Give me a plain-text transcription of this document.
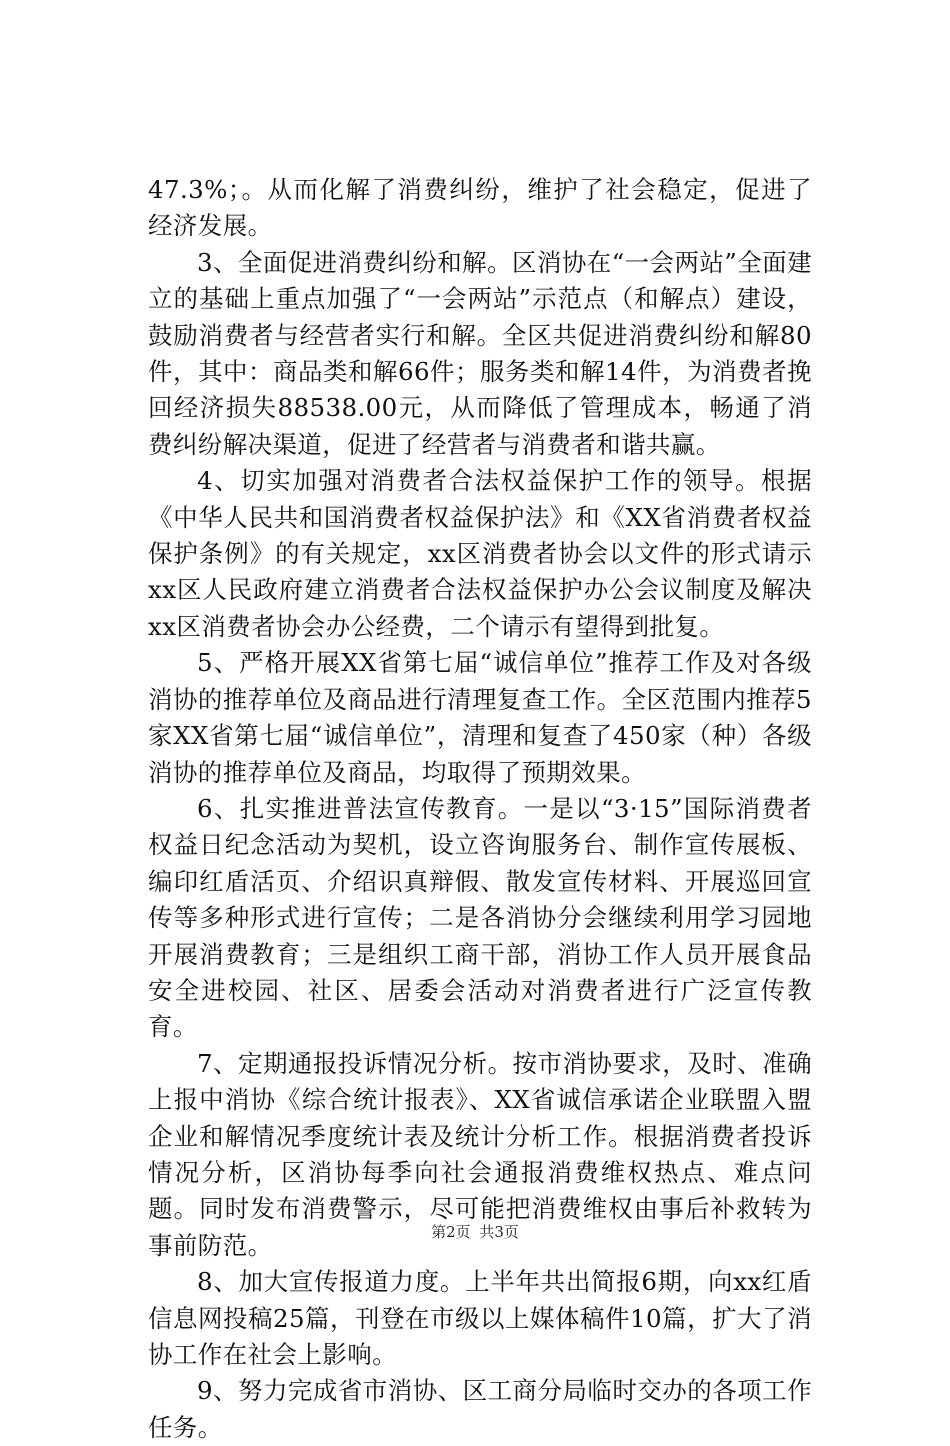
47.3%；。从而化解了消费纠纷，维护了社会稳定，促进了经济发展。

3、全面促进消费纠纷和解。区消协在“一会两站”全面建立的基础上重点加强了“一会两站”示范点（和解点）建设，鼓励消费者与经营者实行和解。全区共促进消费纠纷和解80件，其中：商品类和解66件；服务类和解14件，为消费者挽回经济损失88538.00元，从而降低了管理成本，畅通了消费纠纷解决渠道，促进了经营者与消费者和谐共赢。

4、切实加强对消费者合法权益保护工作的领导。根据《中华人民共和国消费者权益保护法》和《XX省消费者权益保护条例》的有关规定，xx区消费者协会以文件的形式请示xx区人民政府建立消费者合法权益保护办公会议制度及解决xx区消费者协会办公经费，二个请示有望得到批复。

5、严格开展XX省第七届“诚信单位”推荐工作及对各级消协的推荐单位及商品进行清理复查工作。全区范围内推荐5家XX省第七届“诚信单位”，清理和复查了450家（种）各级消协的推荐单位及商品，均取得了预期效果。

6、扎实推进普法宣传教育。一是以“3·15”国际消费者权益日纪念活动为契机，设立咨询服务台、制作宣传展板、编印红盾活页、介绍识真辩假、散发宣传材料、开展巡回宣传等多种形式进行宣传；二是各消协分会继续利用学习园地开展消费教育；三是组织工商干部，消协工作人员开展食品安全进校园、社区、居委会活动对消费者进行广泛宣传教育。

7、定期通报投诉情况分析。按市消协要求，及时、准确上报中消协《综合统计报表》、XX省诚信承诺企业联盟入盟企业和解情况季度统计表及统计分析工作。根据消费者投诉情况分析，区消协每季向社会通报消费维权热点、难点问题。同时发布消费警示，尽可能把消费维权由事后补救转为事前防范。

8、加大宣传报道力度。上半年共出简报6期，向xx红盾信息网投稿25篇，刊登在市级以上媒体稿件10篇，扩大了消协工作在社会上影响。

9、努力完成省市消协、区工商分局临时交办的各项工作任务。

第2页 共3页
